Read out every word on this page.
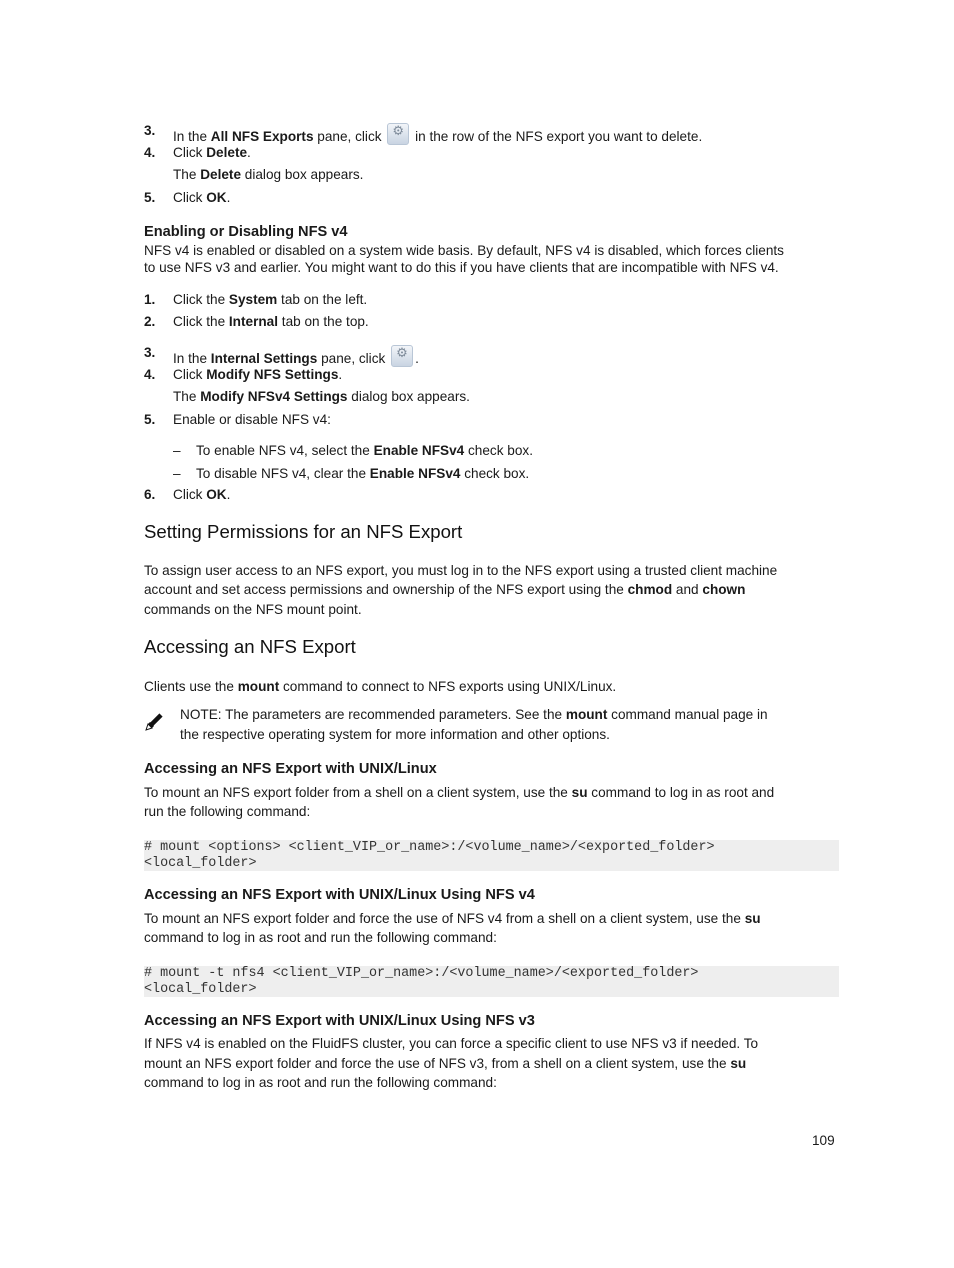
3. In the All NFS Exports pane, click ⚙ in the row of the NFS export you want to delete.
4. Click Delete.
The Delete dialog box appears.
5. Click OK.
Enabling or Disabling NFS v4
NFS v4 is enabled or disabled on a system wide basis. By default, NFS v4 is disabled, which forces clients
to use NFS v3 and earlier. You might want to do this if you have clients that are incompatible with NFS v4.
1. Click the System tab on the left.
2. Click the Internal tab on the top.
3. In the Internal Settings pane, click ⚙.
4. Click Modify NFS Settings.
The Modify NFSv4 Settings dialog box appears.
5. Enable or disable NFS v4:
– To enable NFS v4, select the Enable NFSv4 check box.
– To disable NFS v4, clear the Enable NFSv4 check box.
6. Click OK.
Setting Permissions for an NFS Export
To assign user access to an NFS export, you must log in to the NFS export using a trusted client machine
account and set access permissions and ownership of the NFS export using the chmod and chown
commands on the NFS mount point.
Accessing an NFS Export
Clients use the mount command to connect to NFS exports using UNIX/Linux.
NOTE: The parameters are recommended parameters. See the mount command manual page in
the respective operating system for more information and other options.
Accessing an NFS Export with UNIX/Linux
To mount an NFS export folder from a shell on a client system, use the su command to log in as root and
run the following command:
# mount <options> <client_VIP_or_name>:/<volume_name>/<exported_folder>
<local_folder>
Accessing an NFS Export with UNIX/Linux Using NFS v4
To mount an NFS export folder and force the use of NFS v4 from a shell on a client system, use the su
command to log in as root and run the following command:
# mount -t nfs4 <client_VIP_or_name>:/<volume_name>/<exported_folder>
<local_folder>
Accessing an NFS Export with UNIX/Linux Using NFS v3
If NFS v4 is enabled on the FluidFS cluster, you can force a specific client to use NFS v3 if needed. To
mount an NFS export folder and force the use of NFS v3, from a shell on a client system, use the su
command to log in as root and run the following command:
109
